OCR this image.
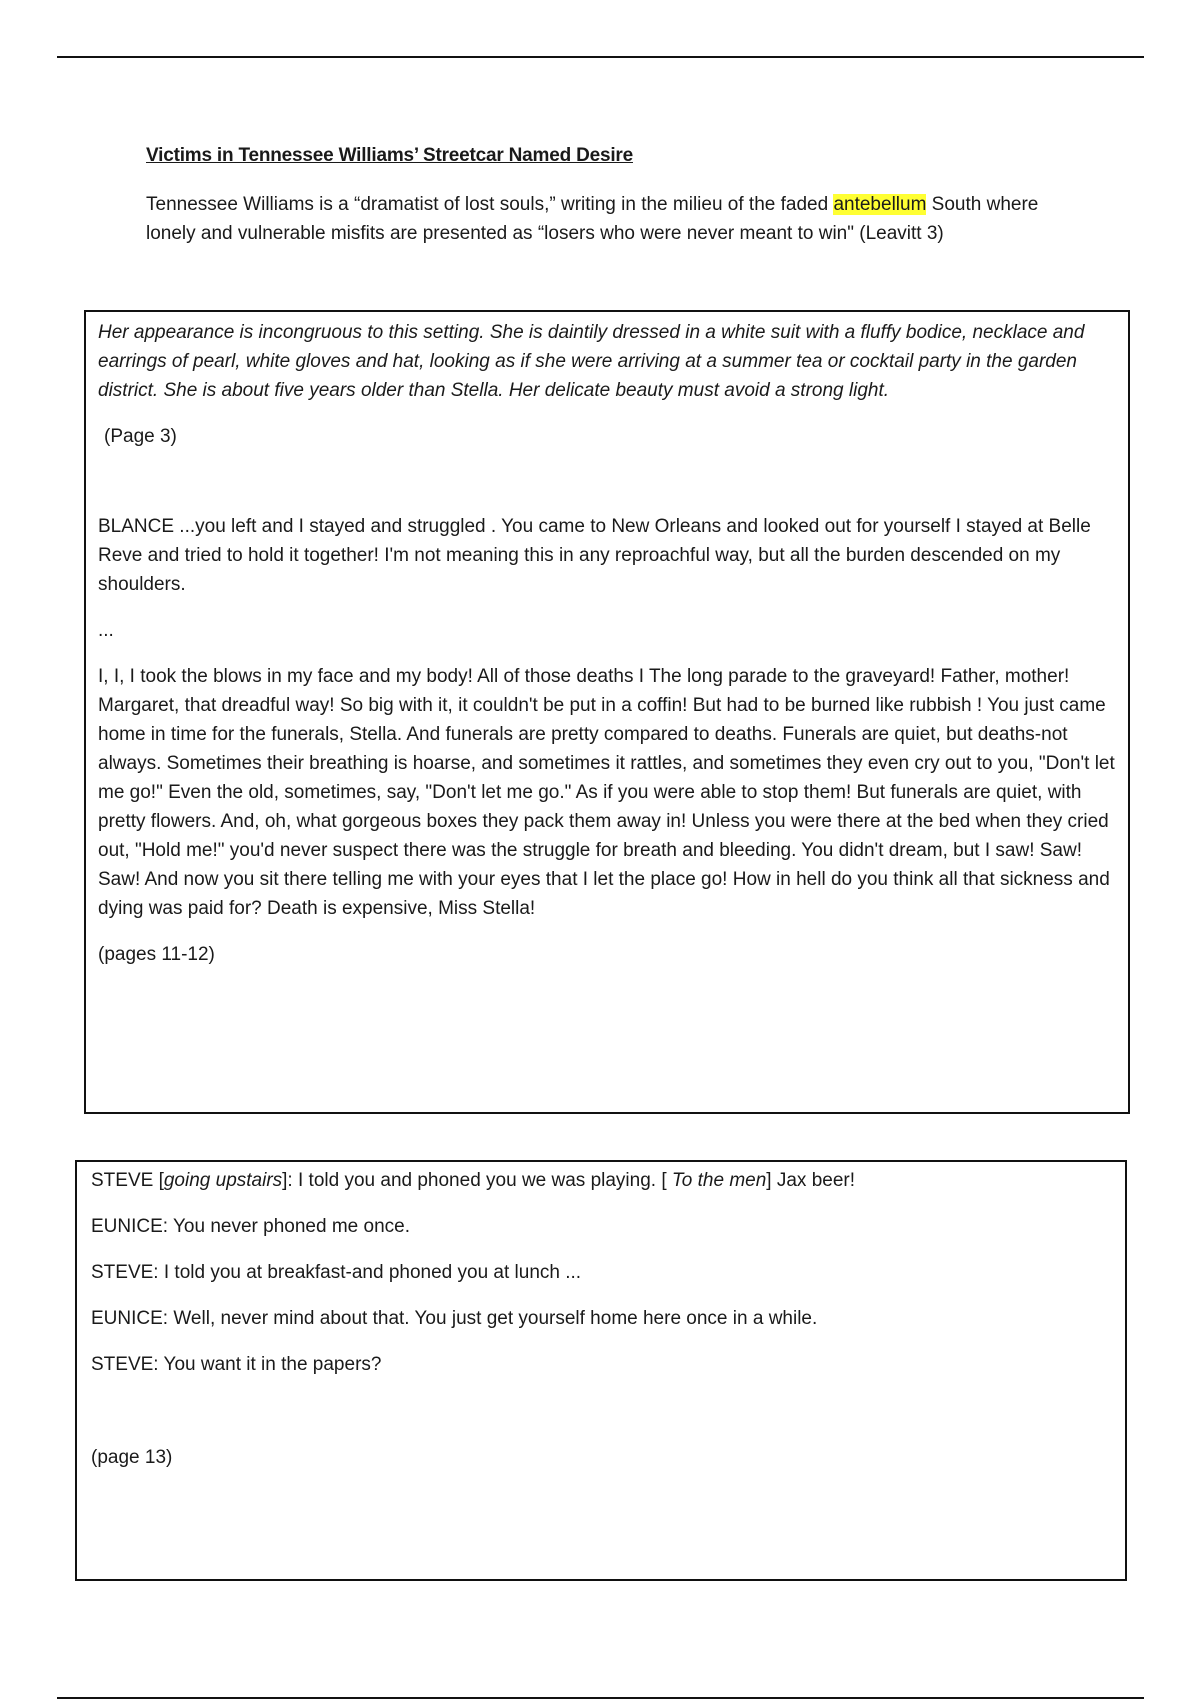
Victims in Tennessee Williams’ Streetcar Named Desire
Tennessee Williams is a “dramatist of lost souls,” writing in the milieu of the faded antebellum South where lonely and vulnerable misfits are presented as “losers who were never meant to win" (Leavitt 3)

Her appearance is incongruous to this setting. She is daintily dressed in a white suit with a fluffy bodice, necklace and earrings of pearl, white gloves and hat, looking as if she were arriving at a summer tea or cocktail party in the garden district. She is about five years older than Stella. Her delicate beauty must avoid a strong light.

(Page 3)

BLANCE ...you left and I stayed and struggled . You came to New Orleans and looked out for yourself I stayed at Belle Reve and tried to hold it together! I'm not meaning this in any reproachful way, but all the burden descended on my shoulders.

...

I, I, I took the blows in my face and my body! All of those deaths I The long parade to the graveyard! Father, mother! Margaret, that dreadful way! So big with it, it couldn't be put in a coffin! But had to be burned like rubbish ! You just came home in time for the funerals, Stella. And funerals are pretty compared to deaths. Funerals are quiet, but deaths-not always. Sometimes their breathing is hoarse, and sometimes it rattles, and sometimes they even cry out to you, "Don't let me go!" Even the old, sometimes, say, "Don't let me go." As if you were able to stop them! But funerals are quiet, with pretty flowers. And, oh, what gorgeous boxes they pack them away in! Unless you were there at the bed when they cried out, "Hold me!" you'd never suspect there was the struggle for breath and bleeding. You didn't dream, but I saw! Saw! Saw! And now you sit there telling me with your eyes that I let the place go! How in hell do you think all that sickness and dying was paid for? Death is expensive, Miss Stella!

(pages 11-12)

STEVE [going upstairs]: I told you and phoned you we was playing. [ To the men] Jax beer!

EUNICE: You never phoned me once.

STEVE: I told you at breakfast-and phoned you at lunch ...

EUNICE: Well, never mind about that. You just get yourself home here once in a while.

STEVE: You want it in the papers?

(page 13)
